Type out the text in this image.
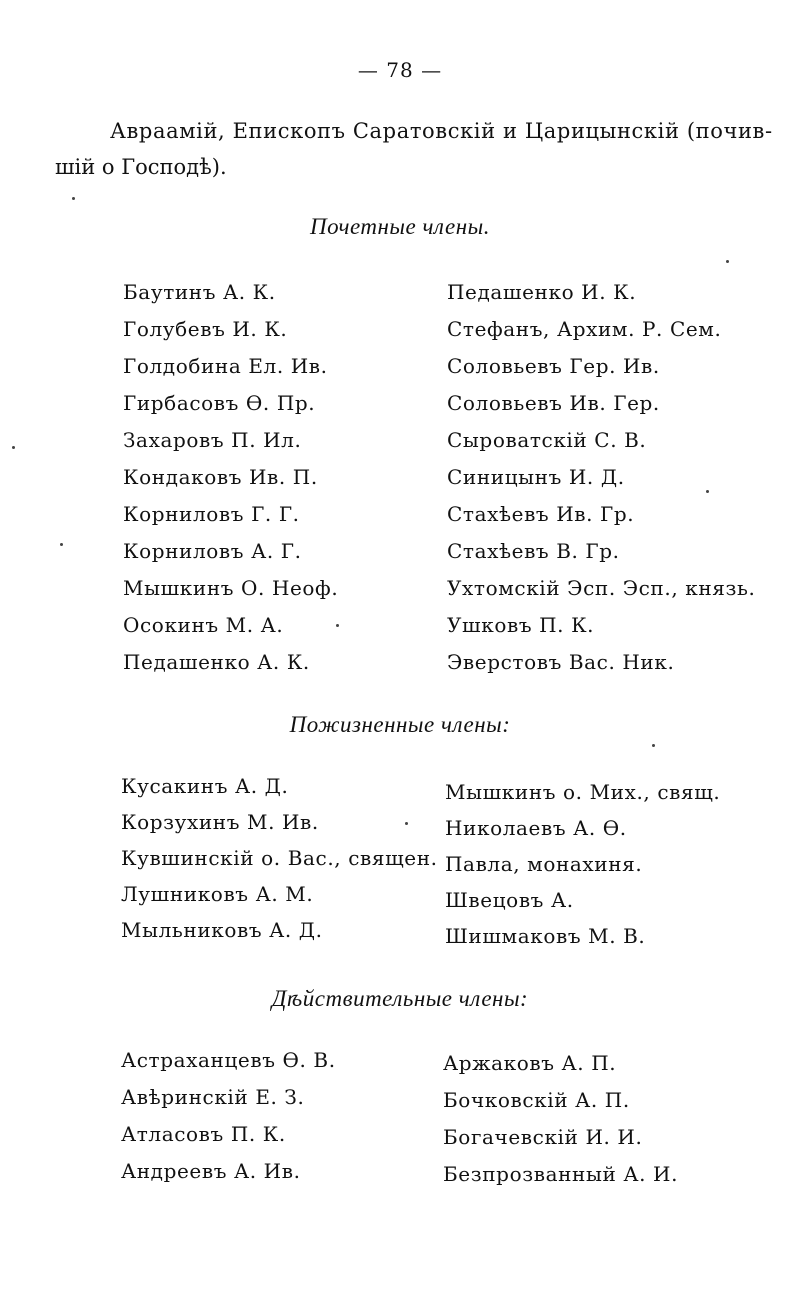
— 78 —
Авраамій, Епископъ Саратовскій и Царицынскій (почив-
шій о Господѣ).
Почетные члены.
Баутинъ А. К.
Голубевъ И. К.
Голдобина Ел. Ив.
Гирбасовъ Ѳ. Пр.
Захаровъ П. Ил.
Кондаковъ Ив. П.
Корниловъ Г. Г.
Корниловъ А. Г.
Мышкинъ О. Неоф.
Осокинъ М. А.
Педашенко А. К.
Педашенко И. К.
Стефанъ, Архим. Р. Сем.
Соловьевъ Гер. Ив.
Соловьевъ Ив. Гер.
Сыроватскій С. В.
Синицынъ И. Д.
Стахѣевъ Ив. Гр.
Стахѣевъ В. Гр.
Ухтомскій Эсп. Эсп., князь.
Ушковъ П. К.
Эверстовъ Вас. Ник.
Пожизненные члены:
Кусакинъ А. Д.
Корзухинъ М. Ив.
Кувшинскій о. Вас., священ.
Лушниковъ А. М.
Мыльниковъ А. Д.
Мышкинъ о. Мих., свящ.
Николаевъ А. Ѳ.
Павла, монахиня.
Швецовъ А.
Шишмаковъ М. В.
Дѣйствительные члены:
Астраханцевъ Ѳ. В.
Авѣринскій Е. З.
Атласовъ П. К.
Андреевъ А. Ив.
Аржаковъ А. П.
Бочковскій А. П.
Богачевскій И. И.
Безпрозванный А. И.
